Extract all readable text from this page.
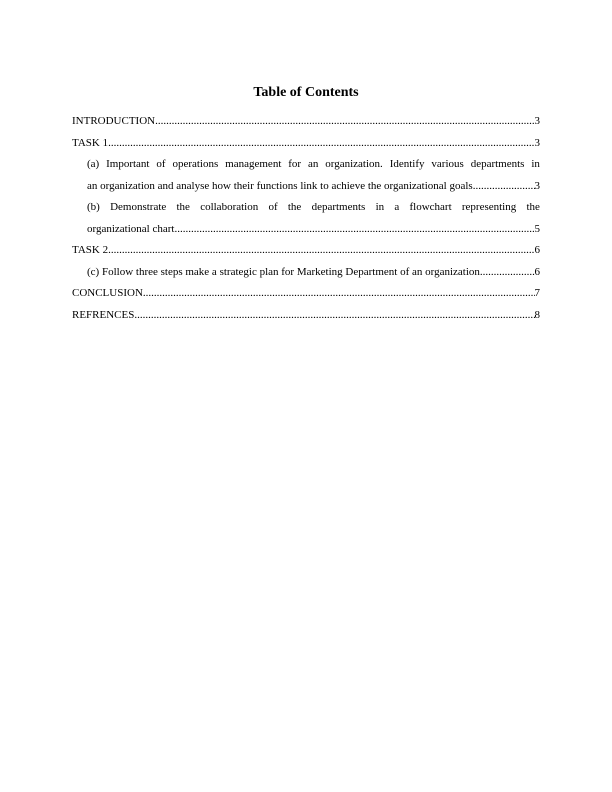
Table of Contents
INTRODUCTION .....	3
TASK 1 .....	3
(a) Important of operations management for an organization. Identify various departments in
an organization and analyse how their functions link to achieve the organizational goals. .....	3
(b) Demonstrate the collaboration of the departments in a flowchart representing the
organizational chart .....	5
TASK 2 .....	6
(c) Follow three steps make a strategic plan for Marketing Department of an organization .....	6
CONCLUSION .....	7
REFRENCES .....	8
